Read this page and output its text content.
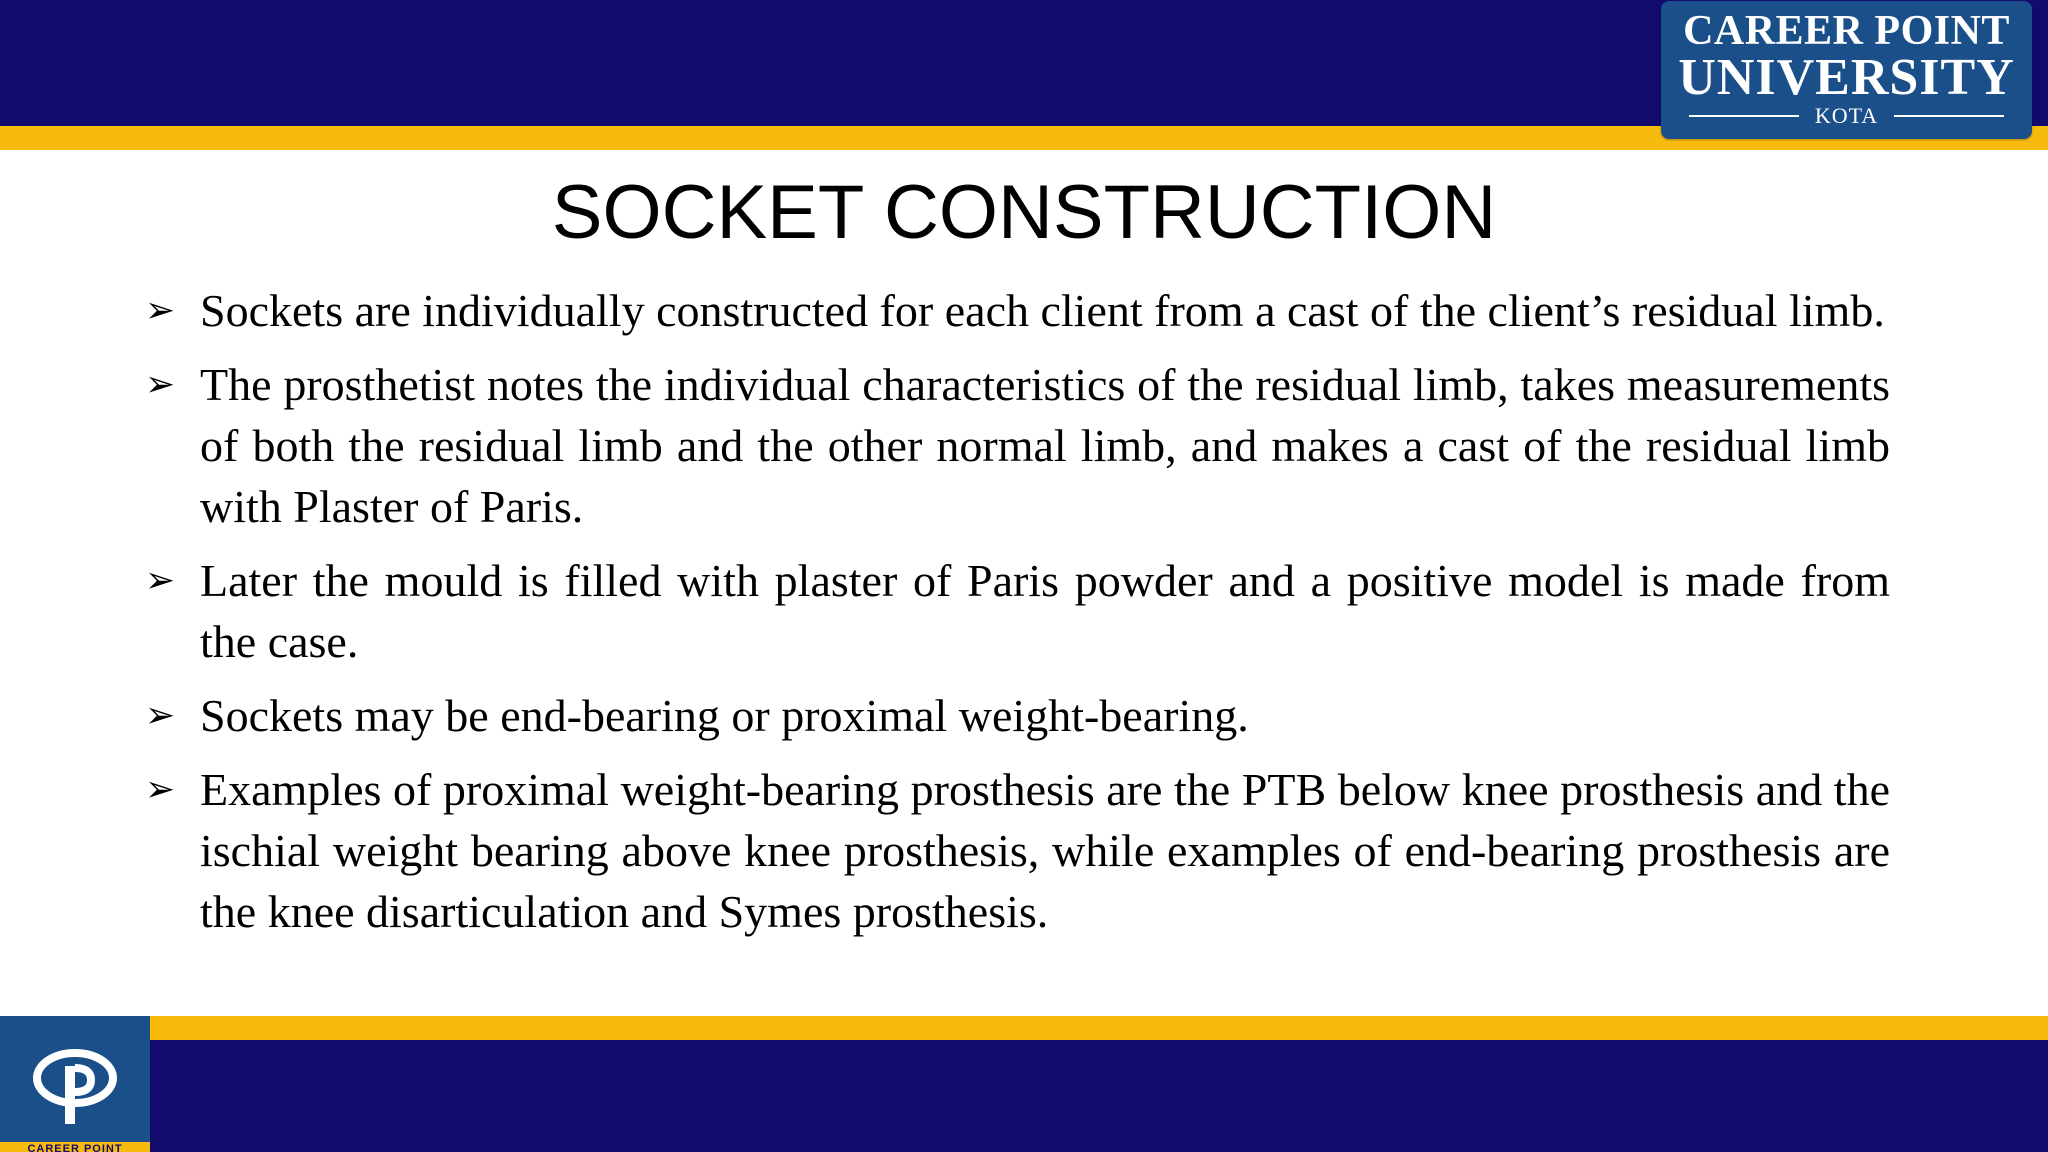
CAREER POINT
UNIVERSITY
KOTA
SOCKET CONSTRUCTION
➢ Sockets are individually constructed for each client from a cast of the client’s residual limb.
➢ The prosthetist notes the individual characteristics of the residual limb, takes measurements of both the residual limb and the other normal limb, and makes a cast of the residual limb with Plaster of Paris.
➢ Later the mould is filled with plaster of Paris powder and a positive model is made from the case.
➢ Sockets may be end-bearing or proximal weight-bearing.
➢ Examples of proximal weight-bearing prosthesis are the PTB below knee prosthesis and the ischial weight bearing above knee prosthesis, while examples of end-bearing prosthesis are the knee disarticulation and Symes prosthesis.
CAREER POINT
